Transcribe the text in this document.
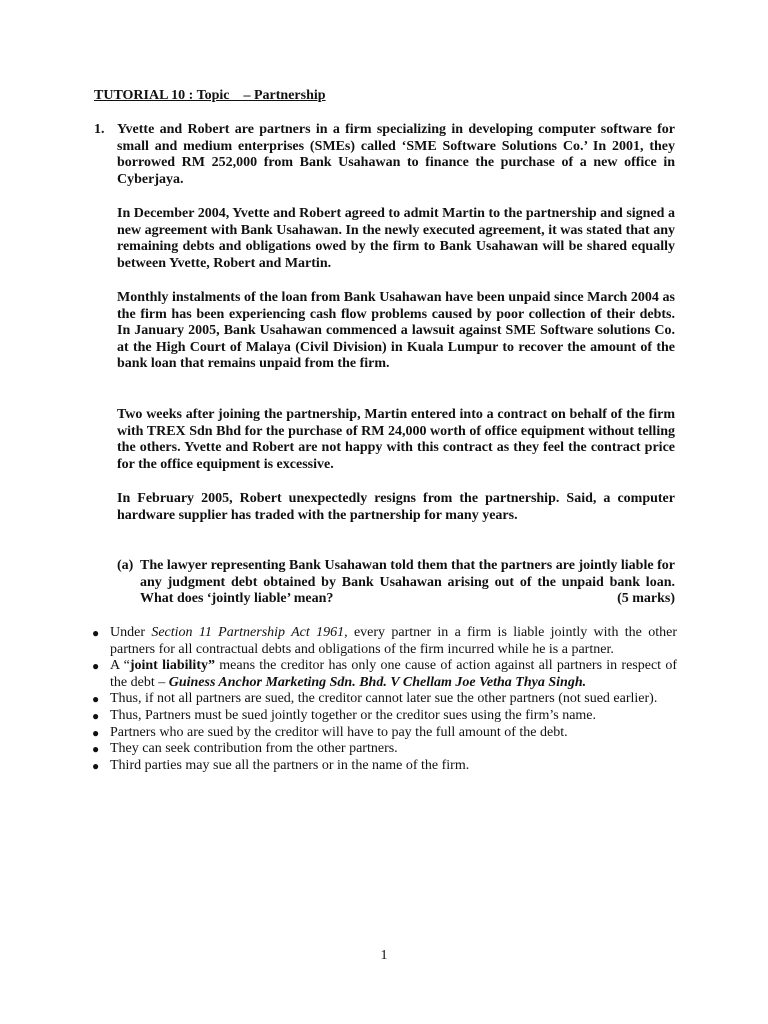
TUTORIAL 10 : Topic    – Partnership
1. Yvette and Robert are partners in a firm specializing in developing computer software for small and medium enterprises (SMEs) called ‘SME Software Solutions Co.’ In 2001, they borrowed RM 252,000 from Bank Usahawan to finance the purchase of a new office in Cyberjaya.
In December 2004, Yvette and Robert agreed to admit Martin to the partnership and signed a new agreement with Bank Usahawan. In the newly executed agreement, it was stated that any remaining debts and obligations owed by the firm to Bank Usahawan will be shared equally between Yvette, Robert and Martin.
Monthly instalments of the loan from Bank Usahawan have been unpaid since March 2004 as the firm has been experiencing cash flow problems caused by poor collection of their debts. In January 2005, Bank Usahawan commenced a lawsuit against SME Software solutions Co. at the High Court of Malaya (Civil Division) in Kuala Lumpur to recover the amount of the bank loan that remains unpaid from the firm.
Two weeks after joining the partnership, Martin entered into a contract on behalf of the firm with TREX Sdn Bhd for the purchase of RM 24,000 worth of office equipment without telling the others. Yvette and Robert are not happy with this contract as they feel the contract price for the office equipment is excessive.
In February 2005, Robert unexpectedly resigns from the partnership. Said, a computer hardware supplier has traded with the partnership for many years.
(a) The lawyer representing Bank Usahawan told them that the partners are jointly liable for any judgment debt obtained by Bank Usahawan arising out of the unpaid bank loan. What does ‘jointly liable’ mean?	(5 marks)

● Under Section 11 Partnership Act 1961, every partner in a firm is liable jointly with the other partners for all contractual debts and obligations of the firm incurred while he is a partner.

● A “joint liability” means the creditor has only one cause of action against all partners in respect of the debt – Guiness Anchor Marketing Sdn. Bhd. V Chellam Joe Vetha Thya Singh.

● Thus, if not all partners are sued, the creditor cannot later sue the other partners (not sued earlier).

● Thus, Partners must be sued jointly together or the creditor sues using the firm’s name.

● Partners who are sued by the creditor will have to pay the full amount of the debt.

● They can seek contribution from the other partners.

● Third parties may sue all the partners or in the name of the firm.

1
